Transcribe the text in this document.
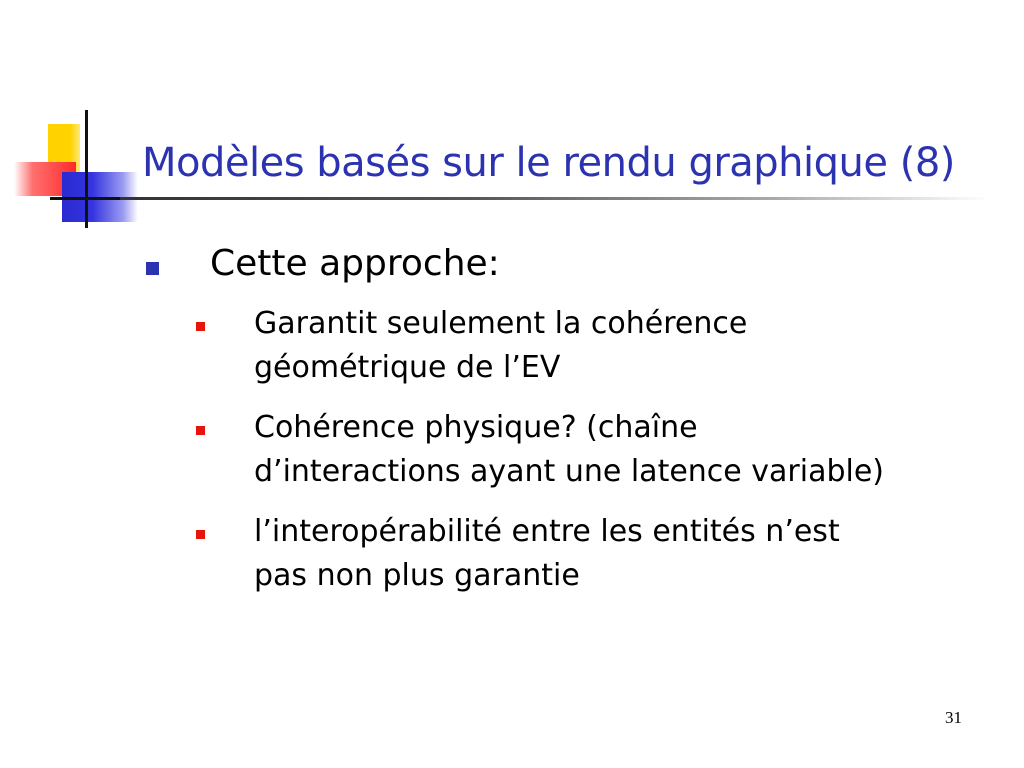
Modèles basés sur le rendu graphique (8)
Cette approche:
Garantit seulement la cohérence
géométrique de l’EV
Cohérence physique? (chaîne
d’interactions ayant une latence variable)
l’interopérabilité entre les entités n’est
pas non plus garantie
31
